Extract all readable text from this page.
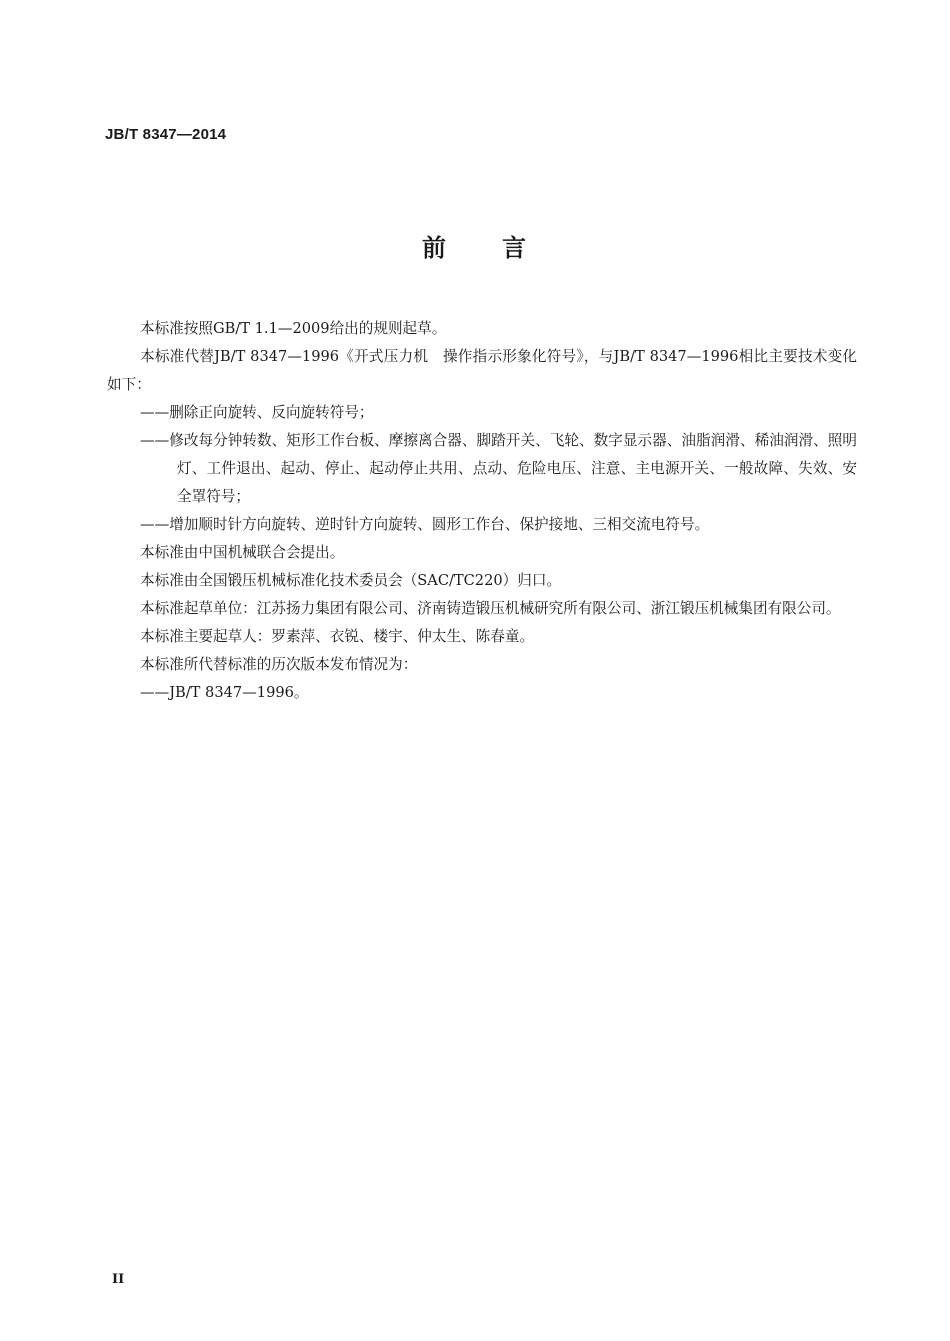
JB/T 8347—2014
前 言

本标准按照GB/T 1.1—2009给出的规则起草。

本标准代替JB/T 8347—1996《开式压力机　操作指示形象化符号》，与JB/T 8347—1996相比主要技术变化如下：

——删除正向旋转、反向旋转符号；

——修改每分钟转数、矩形工作台板、摩擦离合器、脚踏开关、飞轮、数字显示器、油脂润滑、稀油润滑、照明灯、工件退出、起动、停止、起动停止共用、点动、危险电压、注意、主电源开关、一般故障、失效、安全罩符号；

——增加顺时针方向旋转、逆时针方向旋转、圆形工作台、保护接地、三相交流电符号。

本标准由中国机械联合会提出。

本标准由全国锻压机械标准化技术委员会（SAC/TC220）归口。

本标准起草单位：江苏扬力集团有限公司、济南铸造锻压机械研究所有限公司、浙江锻压机械集团有限公司。

本标准主要起草人：罗素萍、衣锐、楼宇、仲太生、陈春童。

本标准所代替标准的历次版本发布情况为：

——JB/T 8347—1996。

II
